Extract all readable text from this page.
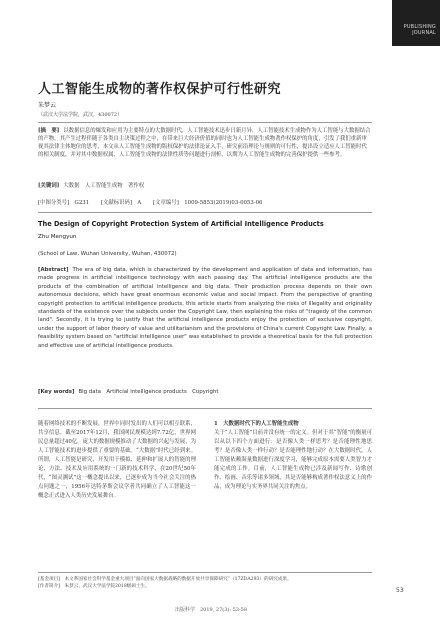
PUBLISHING
JOURNAL
人工智能生成物的著作权保护可行性研究
朱梦云
（武汉大学法学院，武汉，430072）
[摘　要] 以数据信息的爆发和应用为主要特点的大数据时代，人工智能技术迅步日新月异，人工智能技术生成物作为人工智能与大数据结合的产物，其产生过程伴随于各类自主决策过程之中，在带来巨大经济价值的同时也为人工智能生成物著作权保护的角度，引发了我们重新审视其法律主体地位的思考，本文从人工智能生成物的版权保护的法律论证入手，研究前沿理论与规则的可行性，提出设立适应人工智能时代的相关制度，并对其中数据权属、人工智能生成物的法律性质等问题进行剖析，以期为人工智能生成物的完善保护提供一些参考。
[关键词] 大数据　人工智能生成物　著作权
[中图分类号]　G231 [文献标识码]　A [文章编号]　1009-5853(2019)03-0053-06
The Design of Copyright Protection System of Artificial Intelligence Products
Zhu Mengyun
(School of Law, Wuhan University, Wuhan, 430072)
[Abstract] The era of big data, which is characterized by the development and application of data and information, has made progress in artificial intelligence technology with each passing day. The artificial intelligence products are the products of the combination of artificial intelligence and big data. Their production process depends on their own autonomous decisions, which have great enormous economic value and social impact. From the perspective of granting copyright protection to artificial intelligence products, this article starts from analyzing the risks of illegality and originality standards of the existence over the subjects under the Copyright Law, then explaining the risks of "tragedy of the common land". Secondly, it is trying to justify that the artificial intelligence products enjoy the protection of exclusive copyright, under the support of labor theory of value and utilitarianism and the provisions of China's current Copyright Law. Finally, a feasibility system based on "artificial intelligence user" was established to provide a theoretical basis for the full protection and effective use of artificial intelligence products.
[Key words] Big data　Artificial intelligence products　Copyright
随着网络技术的不断发展，世界中同时发出的人们可以相互联系，共享信息。截至2017年12月，我国网民规模达到7.72亿，世界网民总量超过40亿。庞大的数据规模推动了大数据的兴起与发展，为人工智能技术的进步提供了重要的基础。“大数据”时代已经到来。所谓，人工智能是研究、开发用于模拟、延伸和扩展人的智能的理论、方法、技术及应用系统的一门新的技术科学，在20世纪50年代，“图灵测试”这一概念提出以来，已逐步成为当今社会关注的热点问题之一，1956年达特茅斯会议学者共同确立了人工智能这一概念正式进入人类历史发展舞台。
1　大数据时代下的人工智能生成物
关于“人工智能”目前并没有统一的定义。但对于其“智能”的衡量可以从以下四个方面进行：是否像人类一样思考？是否能理性地思考？是否像人类一样行动？是否能理性地行动？在大数据时代，人工智能依赖海量数据进行深度学习，能够完成原本需要人类智力才能完成的工作。目前，人工智能生成物已涉及新闻写作、诗歌创作、绘画、音乐等诸多领域，其是否能够构成著作权法意义上的作品，成为理论与实务界共同关注的焦点。
[基金项目]　本文系国家社会科学基金重大项目“面向国家大数据战略的数据开放共享保障研究”（17ZDA293）的研究成果。
[作者简介]　朱梦云，武汉大学法学院2018级硕士生。
53
出版科学　2019, 27(3): 53-58
